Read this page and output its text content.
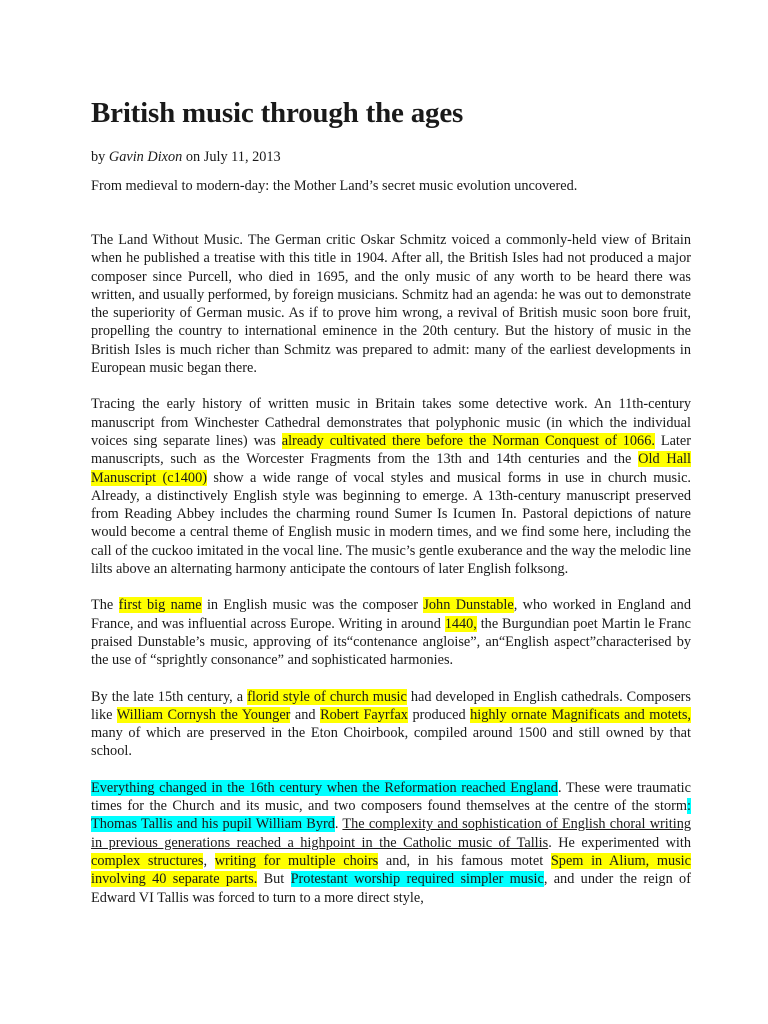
British music through the ages
by Gavin Dixon on July 11, 2013
From medieval to modern-day: the Mother Land’s secret music evolution uncovered.

The Land Without Music. The German critic Oskar Schmitz voiced a commonly-held view of Britain when he published a treatise with this title in 1904. After all, the British Isles had not produced a major composer since Purcell, who died in 1695, and the only music of any worth to be heard there was written, and usually performed, by foreign musicians. Schmitz had an agenda: he was out to demonstrate the superiority of German music. As if to prove him wrong, a revival of British music soon bore fruit, propelling the country to international eminence in the 20th century. But the history of music in the British Isles is much richer than Schmitz was prepared to admit: many of the earliest developments in European music began there.

Tracing the early history of written music in Britain takes some detective work. An 11th-century manuscript from Winchester Cathedral demonstrates that polyphonic music (in which the individual voices sing separate lines) was already cultivated there before the Norman Conquest of 1066. Later manuscripts, such as the Worcester Fragments from the 13th and 14th centuries and the Old Hall Manuscript (c1400) show a wide range of vocal styles and musical forms in use in church music. Already, a distinctively English style was beginning to emerge. A 13th-century manuscript preserved from Reading Abbey includes the charming round Sumer Is Icumen In. Pastoral depictions of nature would become a central theme of English music in modern times, and we find some here, including the call of the cuckoo imitated in the vocal line. The music’s gentle exuberance and the way the melodic line lilts above an alternating harmony anticipate the contours of later English folksong.

The first big name in English music was the composer John Dunstable, who worked in England and France, and was influential across Europe. Writing in around 1440, the Burgundian poet Martin le Franc praised Dunstable’s music, approving of its“contenance angloise”, an“English aspect”characterised by the use of “sprightly consonance” and sophisticated harmonies.

By the late 15th century, a florid style of church music had developed in English cathedrals. Composers like William Cornysh the Younger and Robert Fayrfax produced highly ornate Magnificats and motets, many of which are preserved in the Eton Choirbook, compiled around 1500 and still owned by that school.

Everything changed in the 16th century when the Reformation reached England. These were traumatic times for the Church and its music, and two composers found themselves at the centre of the storm: Thomas Tallis and his pupil William Byrd. The complexity and sophistication of English choral writing in previous generations reached a highpoint in the Catholic music of Tallis. He experimented with complex structures, writing for multiple choirs and, in his famous motet Spem in Alium, music involving 40 separate parts. But Protestant worship required simpler music, and under the reign of Edward VI Tallis was forced to turn to a more direct style,
